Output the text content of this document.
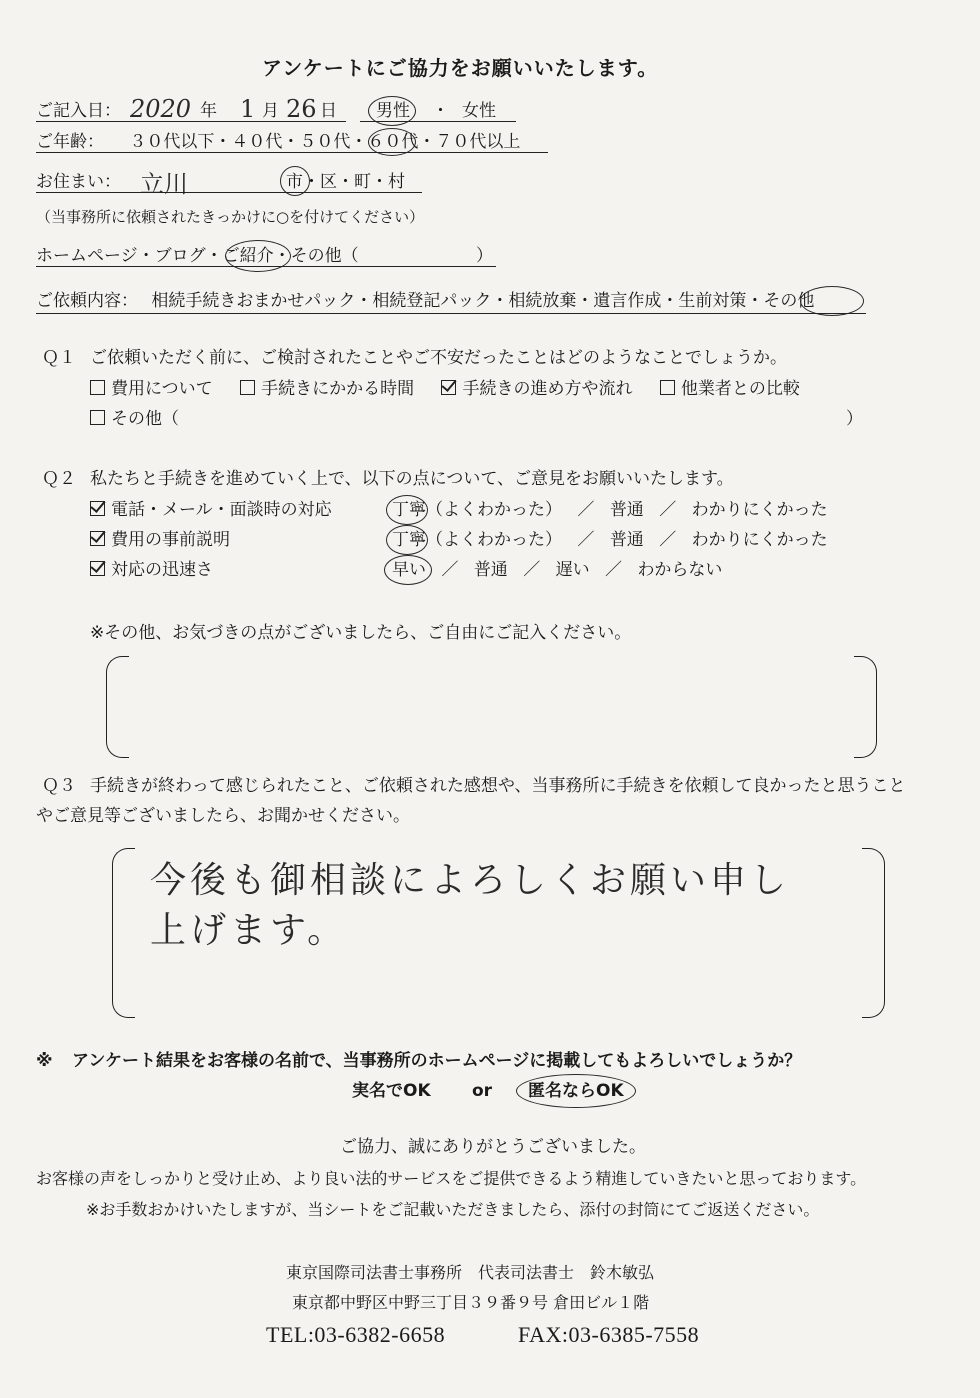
アンケートにご協力をお願いいたします。
ご記入日： 2020 年 1 月 26 日 男性 ・ 女性
ご年齢： ３０代以下・４０代・５０代・６０代・７０代以上
お住まい： 立川	市・区・町・村
（当事務所に依頼されたきっかけに○を付けてください）
ホームページ・ブログ・ご紹介・その他（	）
ご依頼内容： 相続手続きおまかせパック・相続登記パック・相続放棄・遺言作成・生前対策・その他
Ｑ１ ご依頼いただく前に、ご検討されたことやご不安だったことはどのようなことでしょうか。
費用について	手続きにかかる時間	手続きの進め方や流れ	他業者との比較
その他（	）
Ｑ２ 私たちと手続きを進めていく上で、以下の点について、ご意見をお願いいたします。
電話・メール・面談時の対応	丁寧（よくわかった） ／ 普通 ／ わかりにくかった
費用の事前説明	丁寧（よくわかった） ／ 普通 ／ わかりにくかった
対応の迅速さ	早い ／ 普通 ／ 遅い ／ わからない
※その他、お気づきの点がございましたら、ご自由にご記入ください。
Ｑ３ 手続きが終わって感じられたこと、ご依頼された感想や、当事務所に手続きを依頼して良かったと思うこと
やご意見等ございましたら、お聞かせください。
今後も御相談によろしくお願い申し
上げます。
※ アンケート結果をお客様の名前で、当事務所のホームページに掲載してもよろしいでしょうか？
実名でOK or 匿名ならOK
ご協力、誠にありがとうございました。
お客様の声をしっかりと受け止め、より良い法的サービスをご提供できるよう精進していきたいと思っております。
※お手数おかけいたしますが、当シートをご記載いただきましたら、添付の封筒にてご返送ください。
東京国際司法書士事務所　代表司法書士　鈴木敏弘
東京都中野区中野三丁目３９番９号 倉田ビル１階
TEL:03-6382-6658	FAX:03-6385-7558
